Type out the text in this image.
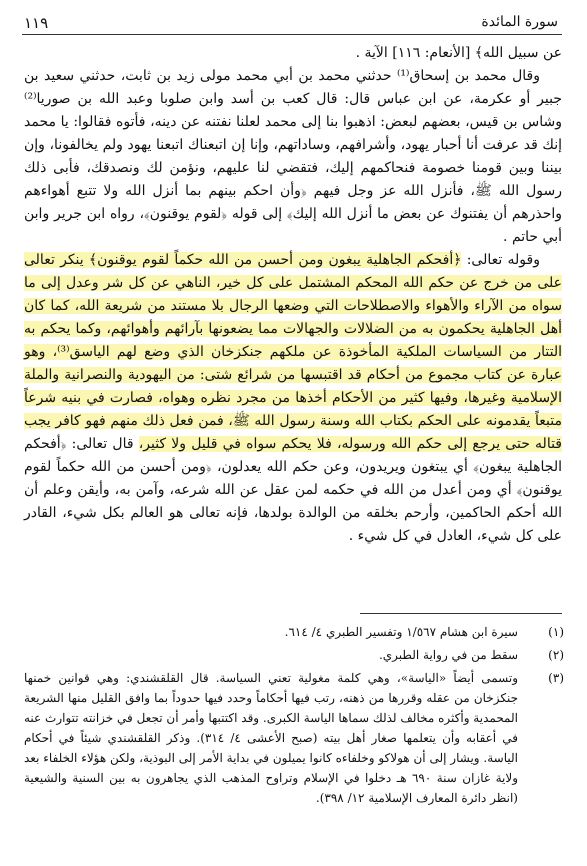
١١٩	سورة المائدة

عن سبيل الله﴾ [الأنعام: ١١٦] الآية .

وقال محمد بن إسحاق⁽¹⁾ حدثني محمد بن أبي محمد مولى زيد بن ثابت، حدثني سعيد بن جبير أو عكرمة، عن ابن عباس قال: قال كعب بن أسد وابن صلوبا وعبد الله بن صوريا⁽²⁾ وشاس بن قيس، بعضهم لبعض: اذهبوا بنا إلى محمد لعلنا نفتنه عن دينه، فأتوه فقالوا: يا محمد إنك قد عرفت أنا أحبار يهود، وأشرافهم، وساداتهم، وإنا إن اتبعناك اتبعنا يهود ولم يخالفونا، وإن بيننا وبين قومنا خصومة فنحاكمهم إليك، فتقضي لنا عليهم، ونؤمن لك ونصدقك، فأبى ذلك رسول الله ﷺ، فأنزل الله عز وجل فيهم ﴿وأن احكم بينهم بما أنزل الله ولا تتبع أهواءهم واحذرهم أن يفتنوك عن بعض ما أنزل الله إليك﴾ إلى قوله ﴿لقوم يوقنون﴾، رواه ابن جرير وابن أبي حاتم .

وقوله تعالى: ﴿أفحكم الجاهلية يبغون ومن أحسن من الله حكماً لقوم يوقنون﴾ ينكر تعالى على من خرج عن حكم الله المحكم المشتمل على كل خير، الناهي عن كل شر وعدل إلى ما سواه من الآراء والأهواء والاصطلاحات التي وضعها الرجال بلا مستند من شريعة الله، كما كان أهل الجاهلية يحكمون به من الضلالات والجهالات مما يضعونها بآرائهم وأهوائهم، وكما يحكم به التتار من السياسات الملكية المأخوذة عن ملكهم جنكزخان الذي وضع لهم الياسق⁽³⁾، وهو عبارة عن كتاب مجموع من أحكام قد اقتبسها من شرائع شتى: من اليهودية والنصرانية والملة الإسلامية وغيرها، وفيها كثير من الأحكام أخذها من مجرد نظره وهواه، فصارت في بنيه شرعاً متبعاً يقدمونه على الحكم بكتاب الله وسنة رسول الله ﷺ، فمن فعل ذلك منهم فهو كافر يجب قتاله حتى يرجع إلى حكم الله ورسوله، فلا يحكم سواه في قليل ولا كثير، قال تعالى: ﴿أفحكم الجاهلية يبغون﴾ أي يبتغون ويريدون، وعن حكم الله يعدلون، ﴿ومن أحسن من الله حكماً لقوم يوقنون﴾ أي ومن أعدل من الله في حكمه لمن عقل عن الله شرعه، وآمن به، وأيقن وعلم أن الله أحكم الحاكمين، وأرحم بخلقه من الوالدة بولدها، فإنه تعالى هو العالم بكل شيء، القادر على كل شيء، العادل في كل شيء .

(١)
سيرة ابن هشام ١/٥٦٧ وتفسير الطبري ٤/ ٦١٤.
(٢)
سقط من في رواية الطبري.
(٣)
وتسمى أيضاً «الياسة»، وهي كلمة مغولية تعني السياسة. قال القلقشندي: وهي قوانين خمنها جنكزخان من عقله وقررها من ذهنه، رتب فيها أحكاماً وحدد فيها حدوداً بما وافق القليل منها الشريعة المحمدية وأكثره مخالف لذلك سماها الياسة الكبرى. وقد اكتتبها وأمر أن تجعل في خزانته تتوارث عنه في أعقابه وأن يتعلمها صغار أهل بيته (صبح الأعشى ٤/ ٣١٤). وذكر القلقشندي شيئاً في أحكام الياسة. ويشار إلى أن هولاكو وخلفاءه كانوا يميلون في بداية الأمر إلى البوذية، ولكن هؤلاء الخلفاء بعد ولاية غازان سنة ٦٩٠ هـ دخلوا في الإسلام وتراوح المذهب الذي يجاهرون به بين السنية والشيعية (انظر دائرة المعارف الإسلامية ١٢/ ٣٩٨).
